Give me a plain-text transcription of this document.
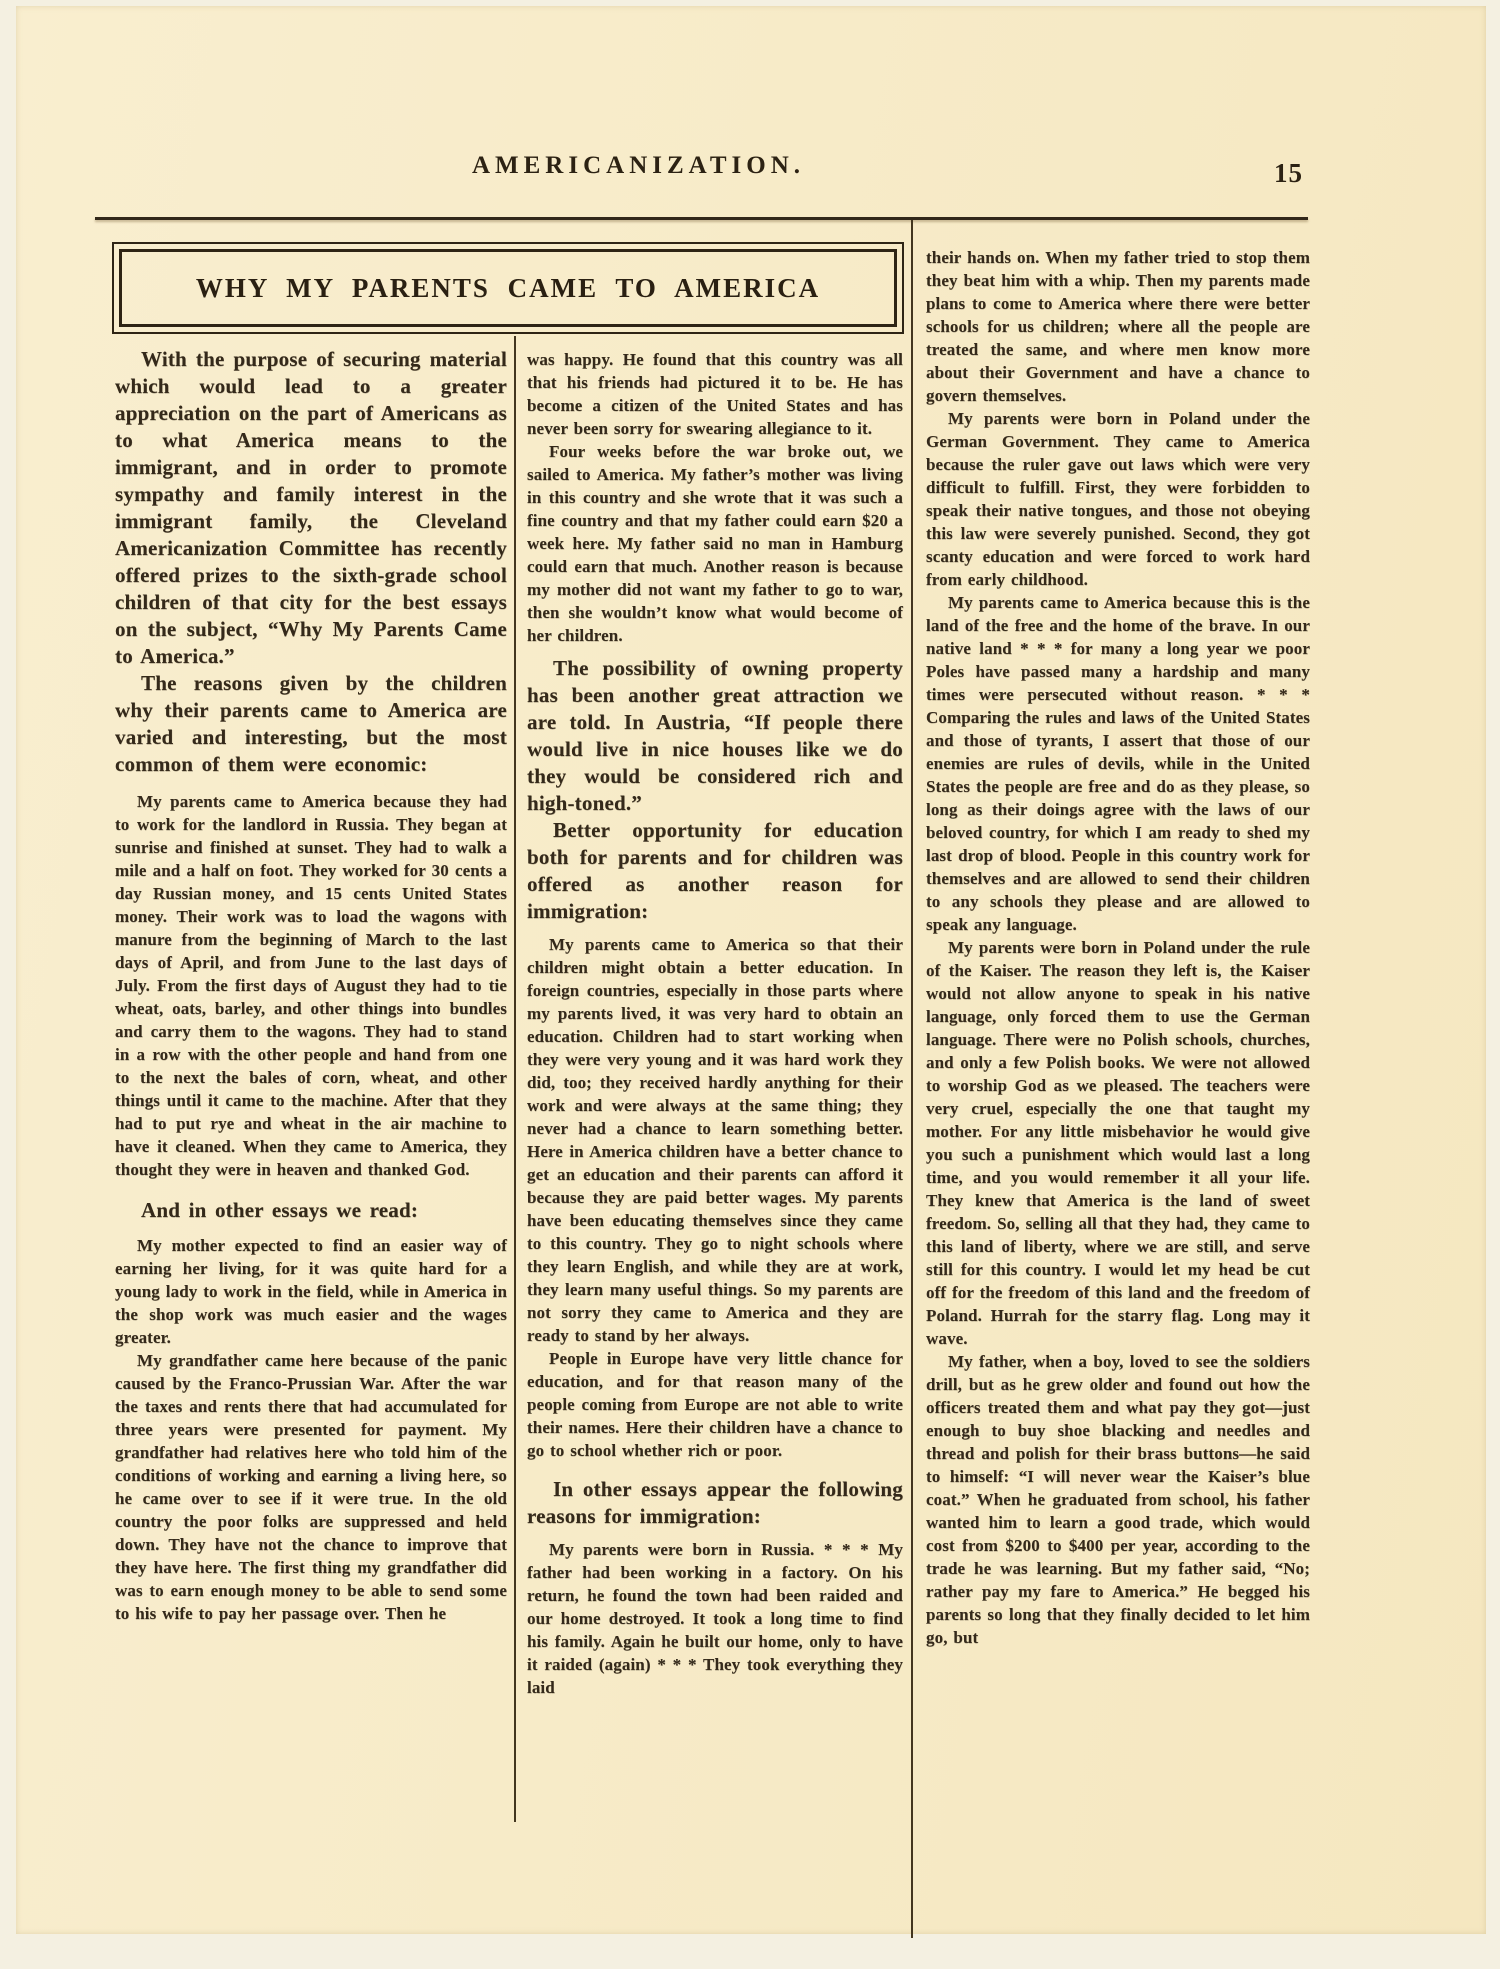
AMERICANIZATION.	15
WHY MY PARENTS CAME TO AMERICA

With the purpose of securing material which would lead to a greater appreciation on the part of Americans as to what America means to the immigrant, and in order to promote sympathy and family interest in the immigrant family, the Cleveland Americanization Committee has recently offered prizes to the sixth-grade school children of that city for the best essays on the subject, “Why My Parents Came to America.”

The reasons given by the children why their parents came to America are varied and interesting, but the most common of them were economic:

My parents came to America because they had to work for the landlord in Russia. They began at sunrise and finished at sunset. They had to walk a mile and a half on foot. They worked for 30 cents a day Russian money, and 15 cents United States money. Their work was to load the wagons with manure from the beginning of March to the last days of April, and from June to the last days of July. From the first days of August they had to tie wheat, oats, barley, and other things into bundles and carry them to the wagons. They had to stand in a row with the other people and hand from one to the next the bales of corn, wheat, and other things until it came to the machine. After that they had to put rye and wheat in the air machine to have it cleaned. When they came to America, they thought they were in heaven and thanked God.

And in other essays we read:

My mother expected to find an easier way of earning her living, for it was quite hard for a young lady to work in the field, while in America in the shop work was much easier and the wages greater.

My grandfather came here because of the panic caused by the Franco-Prussian War. After the war the taxes and rents there that had accumulated for three years were presented for payment. My grandfather had relatives here who told him of the conditions of working and earning a living here, so he came over to see if it were true. In the old country the poor folks are suppressed and held down. They have not the chance to improve that they have here. The first thing my grandfather did was to earn enough money to be able to send some to his wife to pay her passage over. Then he

was happy. He found that this country was all that his friends had pictured it to be. He has become a citizen of the United States and has never been sorry for swearing allegiance to it.

Four weeks before the war broke out, we sailed to America. My father’s mother was living in this country and she wrote that it was such a fine country and that my father could earn $20 a week here. My father said no man in Hamburg could earn that much. Another reason is because my mother did not want my father to go to war, then she wouldn’t know what would become of her children.

The possibility of owning property has been another great attraction we are told. In Austria, “If people there would live in nice houses like we do they would be considered rich and high-toned.”

Better opportunity for education both for parents and for children was offered as another reason for immigration:

My parents came to America so that their children might obtain a better education. In foreign countries, especially in those parts where my parents lived, it was very hard to obtain an education. Children had to start working when they were very young and it was hard work they did, too; they received hardly anything for their work and were always at the same thing; they never had a chance to learn something better. Here in America children have a better chance to get an education and their parents can afford it because they are paid better wages. My parents have been educating themselves since they came to this country. They go to night schools where they learn English, and while they are at work, they learn many useful things. So my parents are not sorry they came to America and they are ready to stand by her always.

People in Europe have very little chance for education, and for that reason many of the people coming from Europe are not able to write their names. Here their children have a chance to go to school whether rich or poor.

In other essays appear the following reasons for immigration:

My parents were born in Russia. * * * My father had been working in a factory. On his return, he found the town had been raided and our home destroyed. It took a long time to find his family. Again he built our home, only to have it raided (again) * * * They took everything they laid

their hands on. When my father tried to stop them they beat him with a whip. Then my parents made plans to come to America where there were better schools for us children; where all the people are treated the same, and where men know more about their Government and have a chance to govern themselves.

My parents were born in Poland under the German Government. They came to America because the ruler gave out laws which were very difficult to fulfill. First, they were forbidden to speak their native tongues, and those not obeying this law were severely punished. Second, they got scanty education and were forced to work hard from early childhood.

My parents came to America because this is the land of the free and the home of the brave. In our native land * * * for many a long year we poor Poles have passed many a hardship and many times were persecuted without reason. * * * Comparing the rules and laws of the United States and those of tyrants, I assert that those of our enemies are rules of devils, while in the United States the people are free and do as they please, so long as their doings agree with the laws of our beloved country, for which I am ready to shed my last drop of blood. People in this country work for themselves and are allowed to send their children to any schools they please and are allowed to speak any language.

My parents were born in Poland under the rule of the Kaiser. The reason they left is, the Kaiser would not allow anyone to speak in his native language, only forced them to use the German language. There were no Polish schools, churches, and only a few Polish books. We were not allowed to worship God as we pleased. The teachers were very cruel, especially the one that taught my mother. For any little misbehavior he would give you such a punishment which would last a long time, and you would remember it all your life. They knew that America is the land of sweet freedom. So, selling all that they had, they came to this land of liberty, where we are still, and serve still for this country. I would let my head be cut off for the freedom of this land and the freedom of Poland. Hurrah for the starry flag. Long may it wave.

My father, when a boy, loved to see the soldiers drill, but as he grew older and found out how the officers treated them and what pay they got—just enough to buy shoe blacking and needles and thread and polish for their brass buttons—he said to himself: “I will never wear the Kaiser’s blue coat.” When he graduated from school, his father wanted him to learn a good trade, which would cost from $200 to $400 per year, according to the trade he was learning. But my father said, “No; rather pay my fare to America.” He begged his parents so long that they finally decided to let him go, but
